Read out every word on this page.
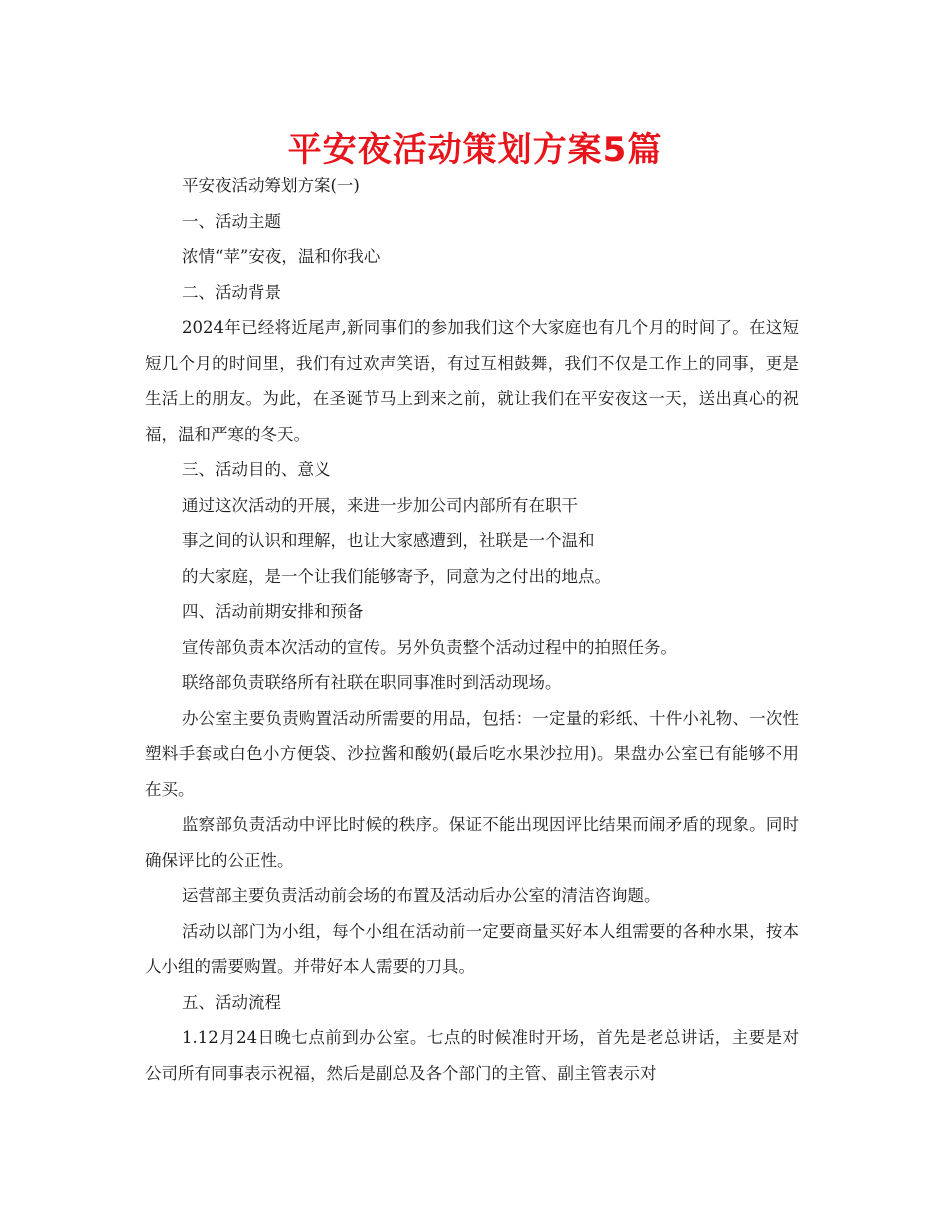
平安夜活动策划方案5篇

平安夜活动筹划方案(一)

一、活动主题

浓情“苹”安夜，温和你我心

二、活动背景

2024年已经将近尾声,新同事们的参加我们这个大家庭也有几个月的时间了。在这短短几个月的时间里，我们有过欢声笑语，有过互相鼓舞，我们不仅是工作上的同事，更是生活上的朋友。为此，在圣诞节马上到来之前，就让我们在平安夜这一天，送出真心的祝福，温和严寒的冬天。

三、活动目的、意义

通过这次活动的开展，来进一步加公司内部所有在职干

事之间的认识和理解，也让大家感遭到，社联是一个温和

的大家庭，是一个让我们能够寄予，同意为之付出的地点。

四、活动前期安排和预备

宣传部负责本次活动的宣传。另外负责整个活动过程中的拍照任务。

联络部负责联络所有社联在职同事准时到活动现场。

办公室主要负责购置活动所需要的用品，包括：一定量的彩纸、十件小礼物、一次性塑料手套或白色小方便袋、沙拉酱和酸奶(最后吃水果沙拉用)。果盘办公室已有能够不用在买。

监察部负责活动中评比时候的秩序。保证不能出现因评比结果而闹矛盾的现象。同时确保评比的公正性。

运营部主要负责活动前会场的布置及活动后办公室的清洁咨询题。

活动以部门为小组，每个小组在活动前一定要商量买好本人组需要的各种水果，按本人小组的需要购置。并带好本人需要的刀具。

五、活动流程

1.12月24日晚七点前到办公室。七点的时候准时开场，首先是老总讲话，主要是对公司所有同事表示祝福，然后是副总及各个部门的主管、副主管表示对
